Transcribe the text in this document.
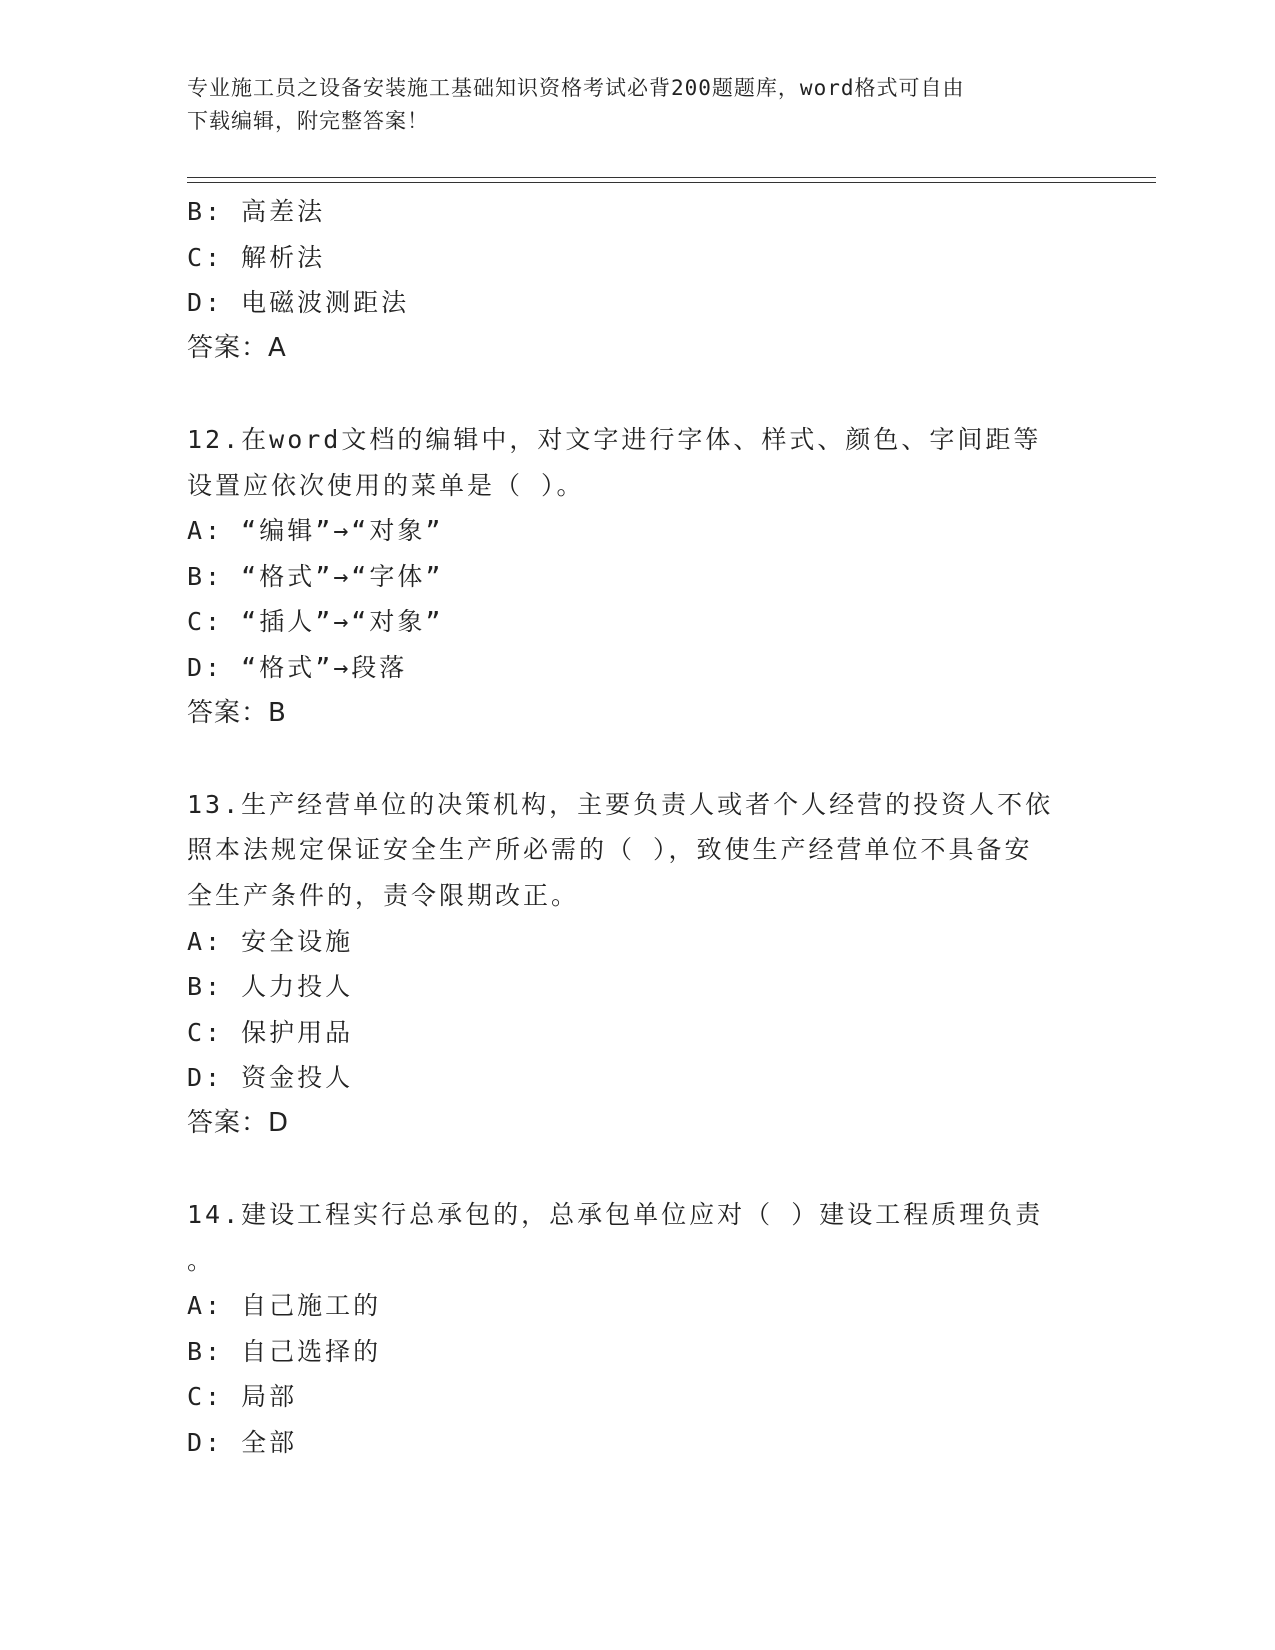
专业施工员之设备安装施工基础知识资格考试必背200题题库，word格式可自由
下载编辑，附完整答案！
B: 高差法
C: 解析法
D: 电磁波测距法
答案：A
12.在word文档的编辑中，对文字进行字体、样式、颜色、字间距等
设置应依次使用的菜单是（ ）。
A: “编辑”→“对象”
B: “格式”→“字体”
C: “插人”→“对象”
D: “格式”→段落
答案：B
13.生产经营单位的决策机构，主要负责人或者个人经营的投资人不依
照本法规定保证安全生产所必需的（ ），致使生产经营单位不具备安
全生产条件的，责令限期改正。
A: 安全设施
B: 人力投人
C: 保护用品
D: 资金投人
答案：D
14.建设工程实行总承包的，总承包单位应对（ ）建设工程质理负责
。
A: 自己施工的
B: 自己选择的
C: 局部
D: 全部
